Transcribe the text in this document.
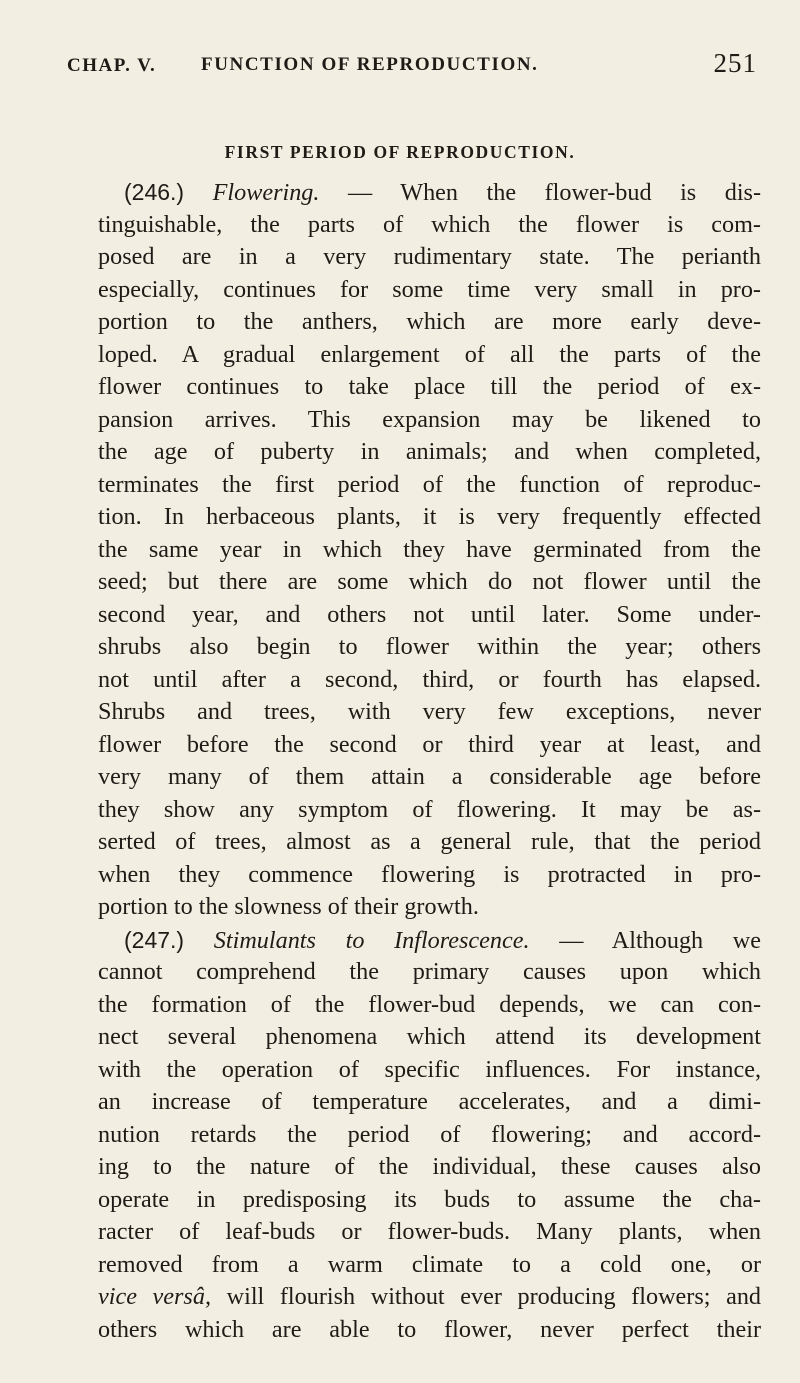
CHAP. V. FUNCTION OF REPRODUCTION.	251
FIRST PERIOD OF REPRODUCTION.
(246.) Flowering. — When the flower-bud is dis-
tinguishable, the parts of which the flower is com-
posed are in a very rudimentary state. The perianth
especially, continues for some time very small in pro-
portion to the anthers, which are more early deve-
loped. A gradual enlargement of all the parts of the
flower continues to take place till the period of ex-
pansion arrives. This expansion may be likened to
the age of puberty in animals; and when completed,
terminates the first period of the function of reproduc-
tion. In herbaceous plants, it is very frequently effected
the same year in which they have germinated from the
seed; but there are some which do not flower until the
second year, and others not until later. Some under-
shrubs also begin to flower within the year; others
not until after a second, third, or fourth has elapsed.
Shrubs and trees, with very few exceptions, never
flower before the second or third year at least, and
very many of them attain a considerable age before
they show any symptom of flowering. It may be as-
serted of trees, almost as a general rule, that the period
when they commence flowering is protracted in pro-
portion to the slowness of their growth.
(247.) Stimulants to Inflorescence. — Although we
cannot comprehend the primary causes upon which
the formation of the flower-bud depends, we can con-
nect several phenomena which attend its development
with the operation of specific influences. For instance,
an increase of temperature accelerates, and a dimi-
nution retards the period of flowering; and accord-
ing to the nature of the individual, these causes also
operate in predisposing its buds to assume the cha-
racter of leaf-buds or flower-buds. Many plants, when
removed from a warm climate to a cold one, or
vice versâ, will flourish without ever producing flowers; and
others which are able to flower, never perfect their
